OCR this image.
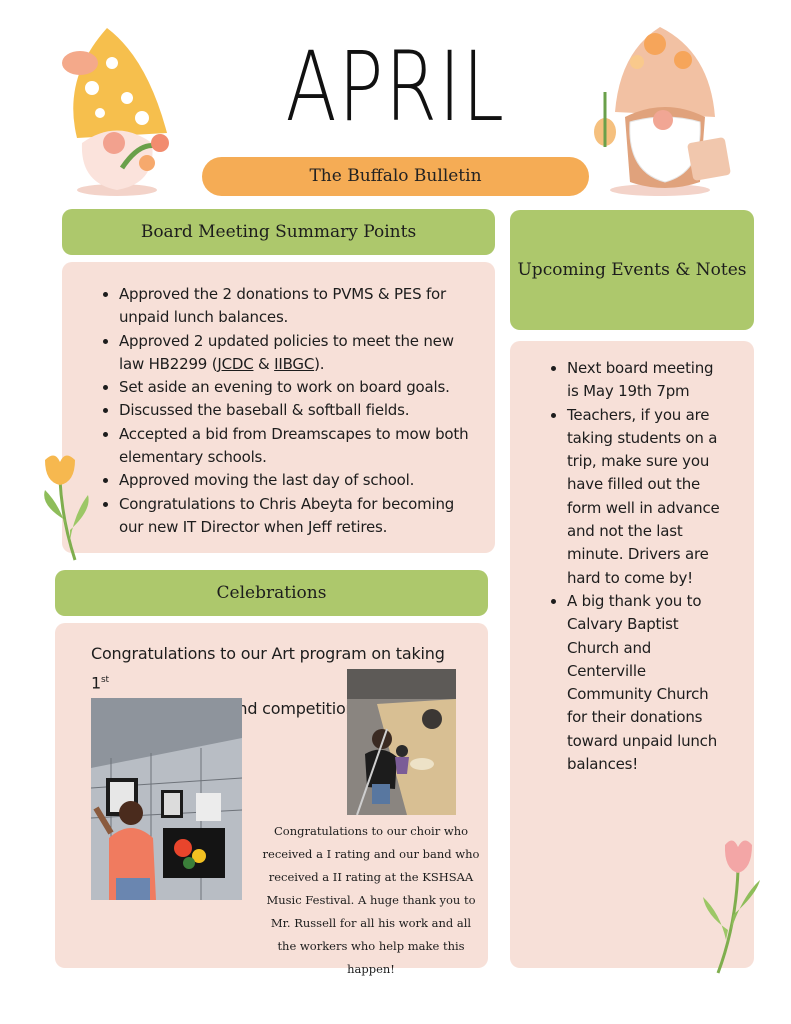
APRIL
The Buffalo Bulletin
Board Meeting Summary Points
• Approved the 2 donations to PVMS & PES for unpaid lunch balances.
• Approved 2 updated policies to meet the new law HB2299 (JCDC & IIBGC).
• Set aside an evening to work on board goals.
• Discussed the baseball & softball fields.
• Accepted a bid from Dreamscapes to mow both elementary schools.
• Approved moving the last day of school.
• Congratulations to Chris Abeyta for becoming our new IT Director when Jeff retires.
Celebrations
Congratulations to our Art program on taking 1st
competition!
Congratulations to our choir who received a I rating and our band who received a II rating at the KSHSAA Music Festival. A huge thank you to Mr. Russell for all his work and all the workers who help make this happen!
Upcoming Events & Notes
• Next board meeting is May 19th 7pm
• Teachers, if you are taking students on a trip, make sure you have filled out the form well in advance and not the last minute. Drivers are hard to come by!
• A big thank you to Calvary Baptist Church and Centerville Community Church for their donations toward unpaid lunch balances!
